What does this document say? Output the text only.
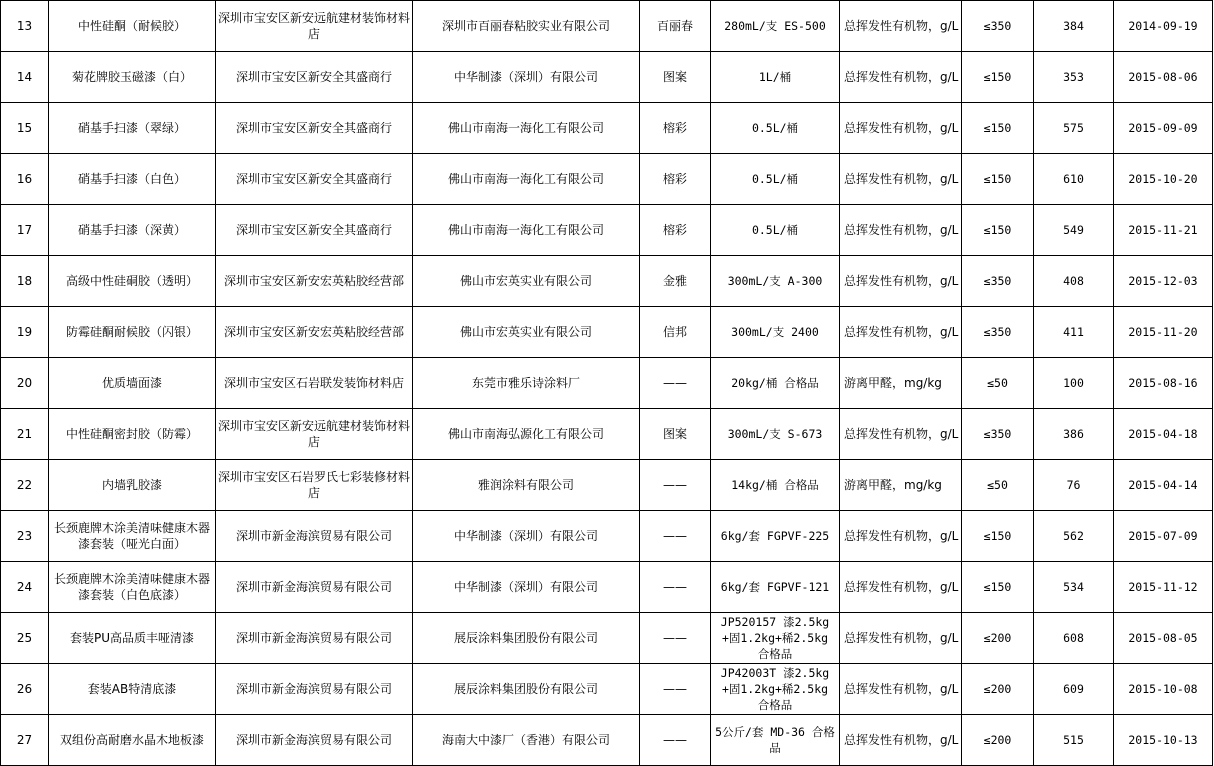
13	中性硅酮（耐候胶）	深圳市宝安区新安远航建材装饰材料店	深圳市百丽春粘胶实业有限公司	百丽春	280mL/支 ES-500	总挥发性有机物，g/L	≤350	384	2014-09-19
14	菊花牌胶玉磁漆（白）	深圳市宝安区新安全其盛商行	中华制漆（深圳）有限公司	图案	1L/桶	总挥发性有机物，g/L	≤150	353	2015-08-06
15	硝基手扫漆（翠绿）	深圳市宝安区新安全其盛商行	佛山市南海一海化工有限公司	榕彩	0.5L/桶	总挥发性有机物，g/L	≤150	575	2015-09-09
16	硝基手扫漆（白色）	深圳市宝安区新安全其盛商行	佛山市南海一海化工有限公司	榕彩	0.5L/桶	总挥发性有机物，g/L	≤150	610	2015-10-20
17	硝基手扫漆（深黄）	深圳市宝安区新安全其盛商行	佛山市南海一海化工有限公司	榕彩	0.5L/桶	总挥发性有机物，g/L	≤150	549	2015-11-21
18	高级中性硅硐胶（透明）	深圳市宝安区新安宏英粘胶经营部	佛山市宏英实业有限公司	金雅	300mL/支 A-300	总挥发性有机物，g/L	≤350	408	2015-12-03
19	防霉硅酮耐候胶（闪银）	深圳市宝安区新安宏英粘胶经营部	佛山市宏英实业有限公司	信邦	300mL/支 2400	总挥发性有机物，g/L	≤350	411	2015-11-20
20	优质墙面漆	深圳市宝安区石岩联发装饰材料店	东莞市雅乐诗涂料厂	——	20kg/桶 合格品	游离甲醛，mg/kg	≤50	100	2015-08-16
21	中性硅酮密封胶（防霉）	深圳市宝安区新安远航建材装饰材料店	佛山市南海弘源化工有限公司	图案	300mL/支 S-673	总挥发性有机物，g/L	≤350	386	2015-04-18
22	内墙乳胶漆	深圳市宝安区石岩罗氏七彩装修材料店	雅润涂料有限公司	——	14kg/桶 合格品	游离甲醛，mg/kg	≤50	76	2015-04-14
23	长颈鹿牌木涂美清味健康木器漆套装（哑光白面）	深圳市新金海滨贸易有限公司	中华制漆（深圳）有限公司	——	6kg/套 FGPVF-225	总挥发性有机物，g/L	≤150	562	2015-07-09
24	长颈鹿牌木涂美清味健康木器漆套装（白色底漆）	深圳市新金海滨贸易有限公司	中华制漆（深圳）有限公司	——	6kg/套 FGPVF-121	总挥发性有机物，g/L	≤150	534	2015-11-12
25	套装PU高品质丰哑清漆	深圳市新金海滨贸易有限公司	展辰涂料集团股份有限公司	——	JP520157 漆2.5kg+固1.2kg+稀2.5kg 合格品	总挥发性有机物，g/L	≤200	608	2015-08-05
26	套装AB特清底漆	深圳市新金海滨贸易有限公司	展辰涂料集团股份有限公司	——	JP42003T 漆2.5kg+固1.2kg+稀2.5kg 合格品	总挥发性有机物，g/L	≤200	609	2015-10-08
27	双组份高耐磨水晶木地板漆	深圳市新金海滨贸易有限公司	海南大中漆厂（香港）有限公司	——	5公斤/套 MD-36 合格品	总挥发性有机物，g/L	≤200	515	2015-10-13
